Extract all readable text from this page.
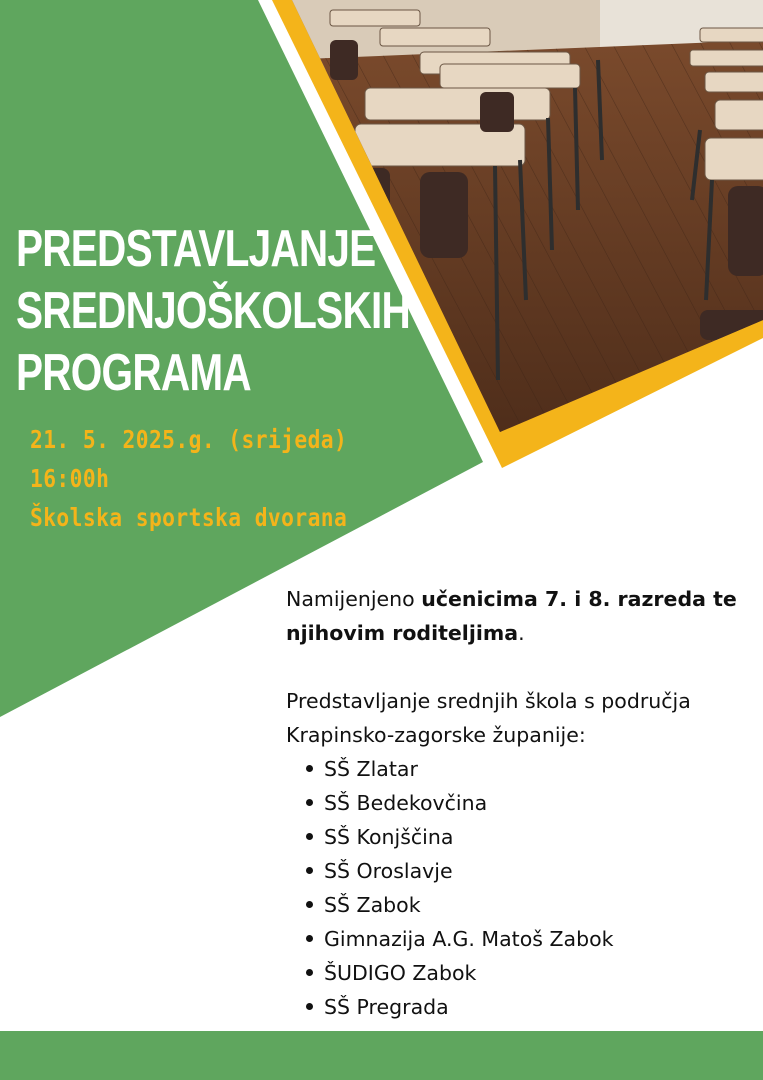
PREDSTAVLJANJE
SREDNJOŠKOLSKIH
PROGRAMA
21. 5. 2025.g. (srijeda)
16:00h
Školska sportska dvorana

Namijenjeno učenicima 7. i 8. razreda te njihovim roditeljima.

Predstavljanje srednjih škola s područja Krapinsko-zagorske županije:

SŠ Zlatar
SŠ Bedekovčina
SŠ Konjščina
SŠ Oroslavje
SŠ Zabok
Gimnazija A.G. Matoš Zabok
ŠUDIGO Zabok
SŠ Pregrada
